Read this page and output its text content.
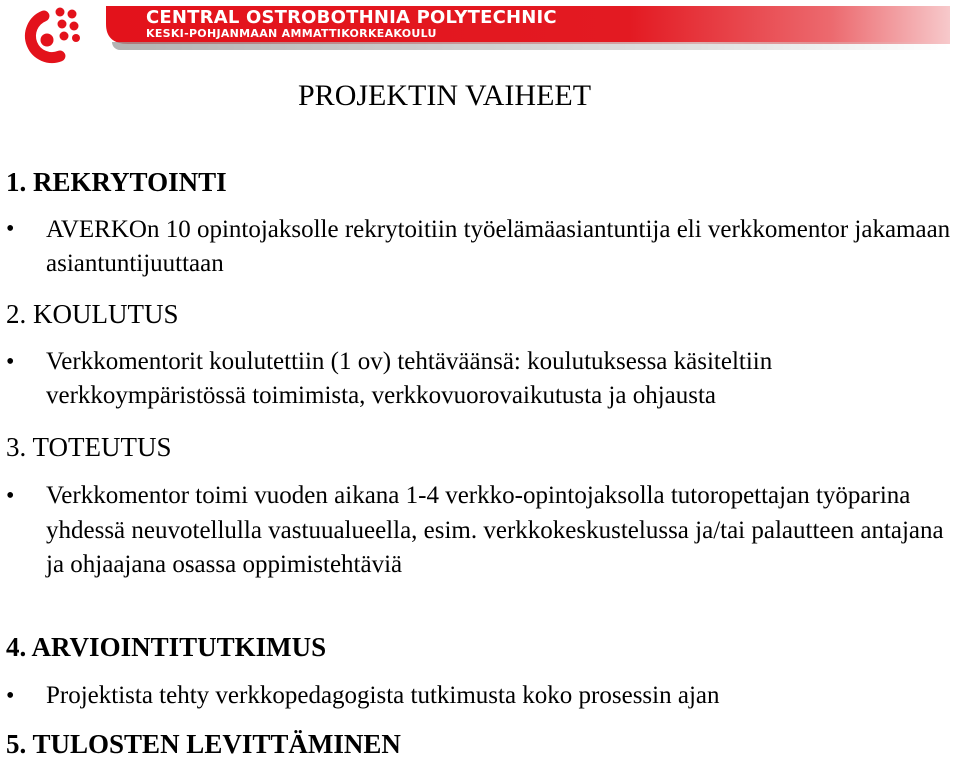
CENTRAL OSTROBOTHNIA POLYTECHNIC
KESKI-POHJANMAAN AMMATTIKORKEAKOULU
PROJEKTIN VAIHEET
1. REKRYTOINTI
• AVERKOn 10 opintojaksolle rekrytoitiin työelämäasiantuntija eli verkkomentor jakamaan asiantuntijuuttaan

2. KOULUTUS
• Verkkomentorit koulutettiin (1 ov) tehtäväänsä: koulutuksessa käsiteltiin verkkoympäristössä toimimista, verkkovuorovaikutusta ja ohjausta

3. TOTEUTUS
• Verkkomentor toimi vuoden aikana 1-4 verkko-opintojaksolla tutoropettajan työparina yhdessä neuvotellulla vastuualueella, esim. verkkokeskustelussa ja/tai palautteen antajana ja ohjaajana osassa oppimistehtäviä

4. ARVIOINTITUTKIMUS
• Projektista tehty verkkopedagogista tutkimusta koko prosessin ajan

5. TULOSTEN LEVITTÄMINEN
